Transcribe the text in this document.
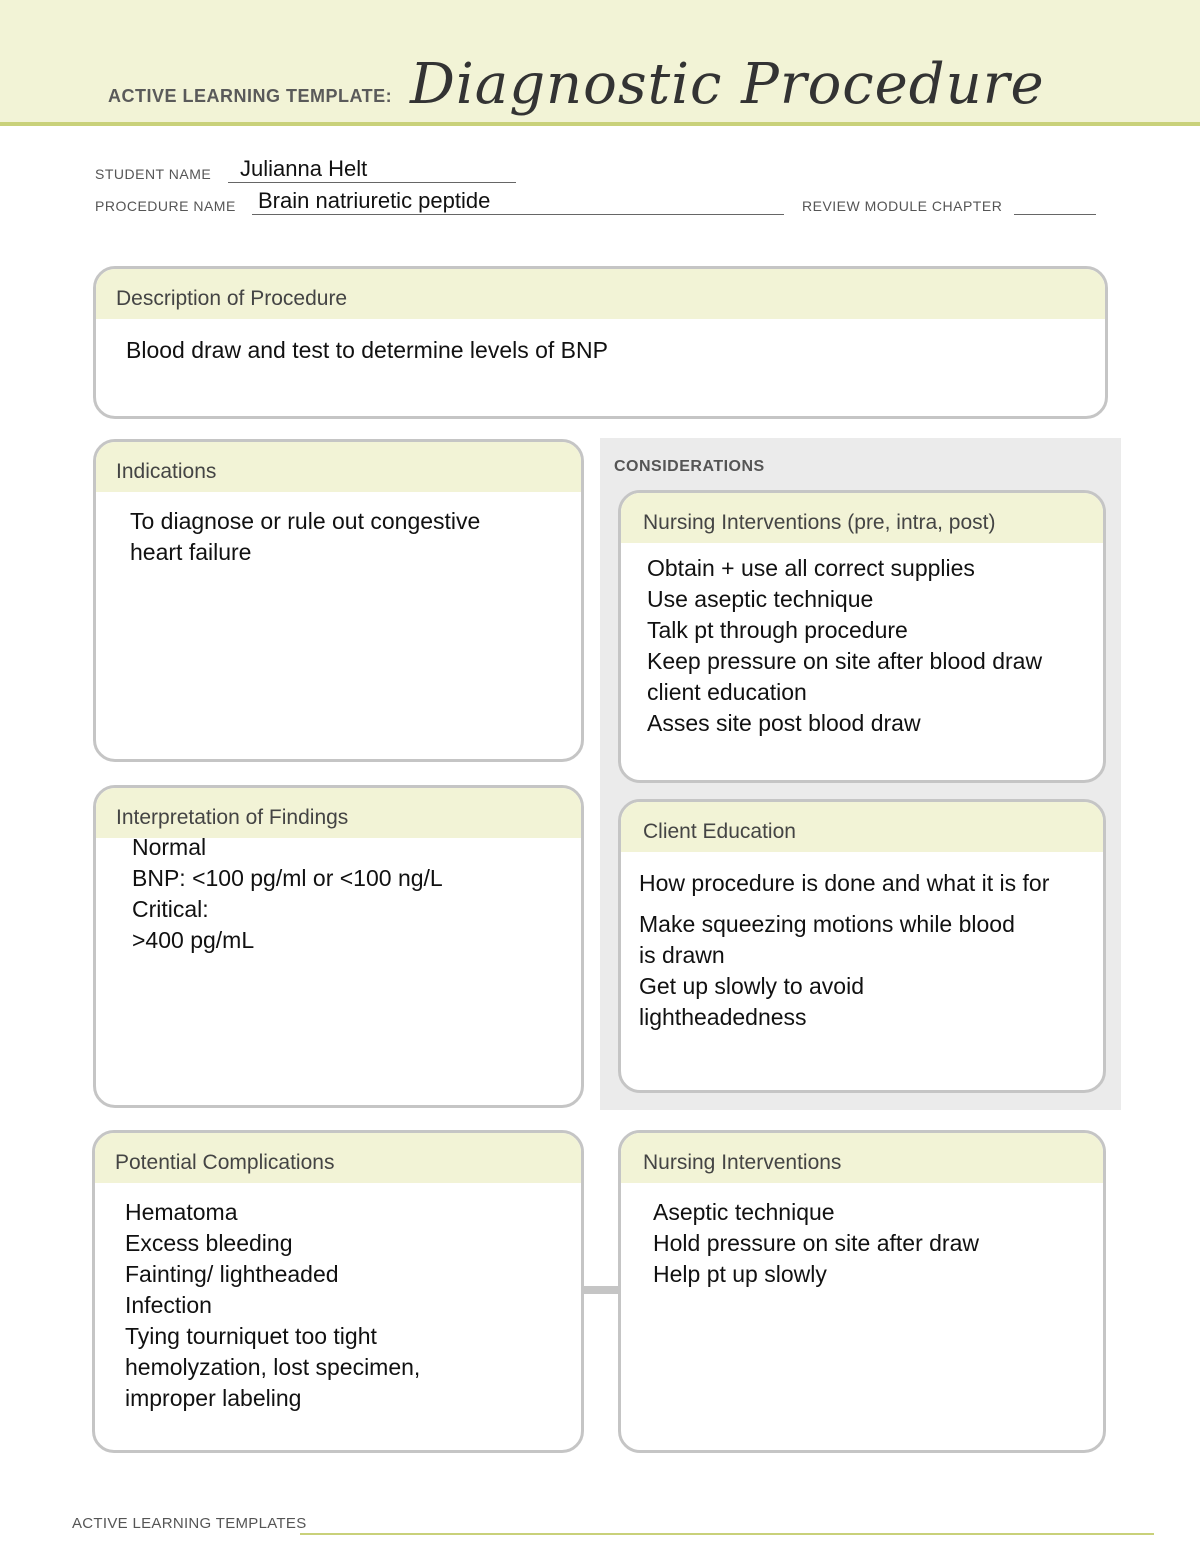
ACTIVE LEARNING TEMPLATE: Diagnostic Procedure
STUDENT NAME Julianna Helt
PROCEDURE NAME Brain natriuretic peptide	REVIEW MODULE CHAPTER
Description of Procedure
Blood draw and test to determine levels of BNP
CONSIDERATIONS
Indications
To diagnose or rule out congestive
heart failure
Nursing Interventions (pre, intra, post)
Obtain + use all correct supplies
Use aseptic technique
Talk pt through procedure
Keep pressure on site after blood draw
client education
Asses site post blood draw
Interpretation of Findings
Normal
BNP: <100 pg/ml or <100 ng/L
Critical:
>400 pg/mL
Client Education
How procedure is done and what it is for
Make squeezing motions while blood
is drawn
Get up slowly to avoid
lightheadedness
Potential Complications
Hematoma
Excess bleeding
Fainting/ lightheaded
Infection
Tying tourniquet too tight
hemolyzation, lost specimen,
improper labeling
Nursing Interventions
Aseptic technique
Hold pressure on site after draw
Help pt up slowly
ACTIVE LEARNING TEMPLATES
